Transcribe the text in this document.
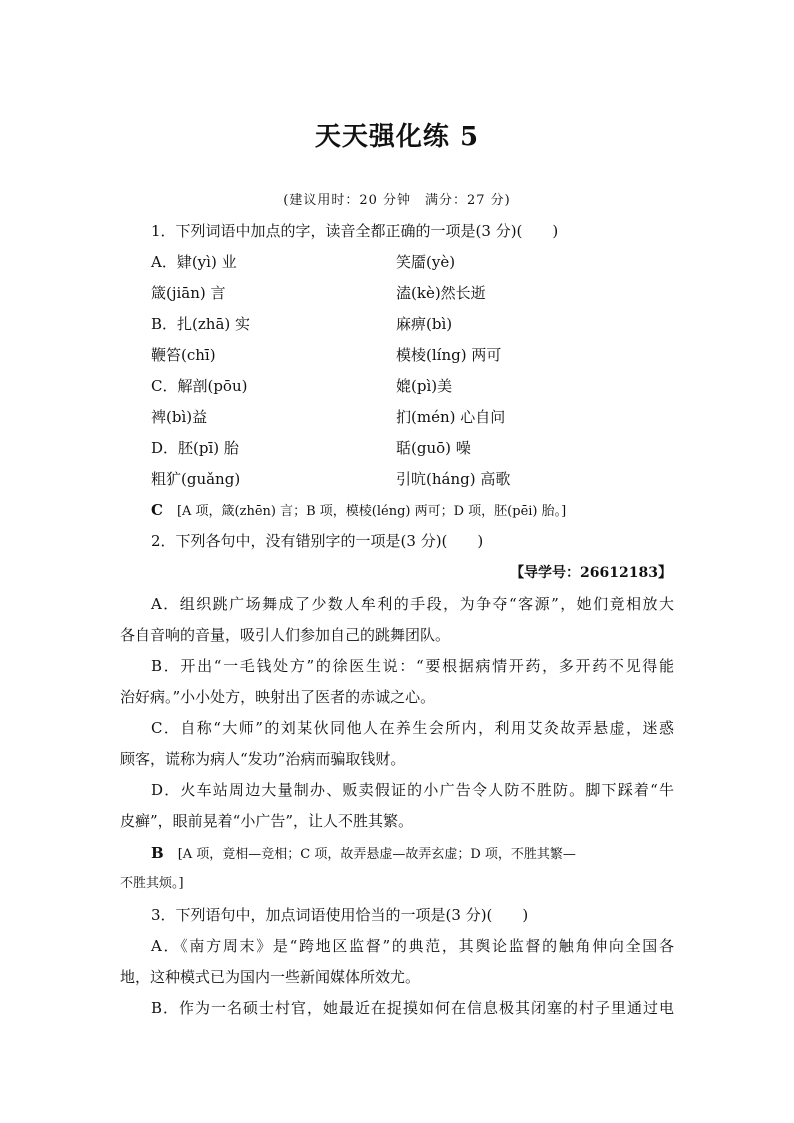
天天强化练 5
(建议用时：20 分钟　满分：27 分)
1．下列词语中加点的字，读音全都正确的一项是(3 分)(　　)
A．肄(yì) 业	笑靥(yè)
箴(jiān) 言	溘(kè)然长逝
B．扎(zhā) 实	麻痹(bì)
鞭笞(chī)	模棱(líng) 两可
C．解剖(pōu)	媲(pì)美
裨(bì)益	扪(mén) 心自问
D．胚(pī) 胎	聒(guō) 噪
粗犷(guǎng)	引吭(háng) 高歌
C [A 项，箴(zhēn) 言；B 项，模棱(léng) 两可；D 项，胚(pēi) 胎。]
2．下列各句中，没有错别字的一项是(3 分)(　　)
【导学号：26612183】
A．组织跳广场舞成了少数人牟利的手段，为争夺“客源”，她们竟相放大
各自音响的音量，吸引人们参加自己的跳舞团队。
B．开出“一毛钱处方”的徐医生说：“要根据病情开药，多开药不见得能
治好病。”小小处方，映射出了医者的赤诚之心。
C．自称“大师”的刘某伙同他人在养生会所内，利用艾灸故弄悬虚，迷惑
顾客，谎称为病人“发功”治病而骗取钱财。
D．火车站周边大量制办、贩卖假证的小广告令人防不胜防。脚下踩着“牛
皮癣”，眼前晃着“小广告”，让人不胜其繁。
B [A 项，竟相—竞相；C 项，故弄悬虚—故弄玄虚；D 项，不胜其繁—
不胜其烦。]
3．下列语句中，加点词语使用恰当的一项是(3 分)(　　)
A．《南方周末》是“跨地区监督”的典范，其舆论监督的触角伸向全国各
地，这种模式已为国内一些新闻媒体所效尤。
B．作为一名硕士村官，她最近在捉摸如何在信息极其闭塞的村子里通过电
